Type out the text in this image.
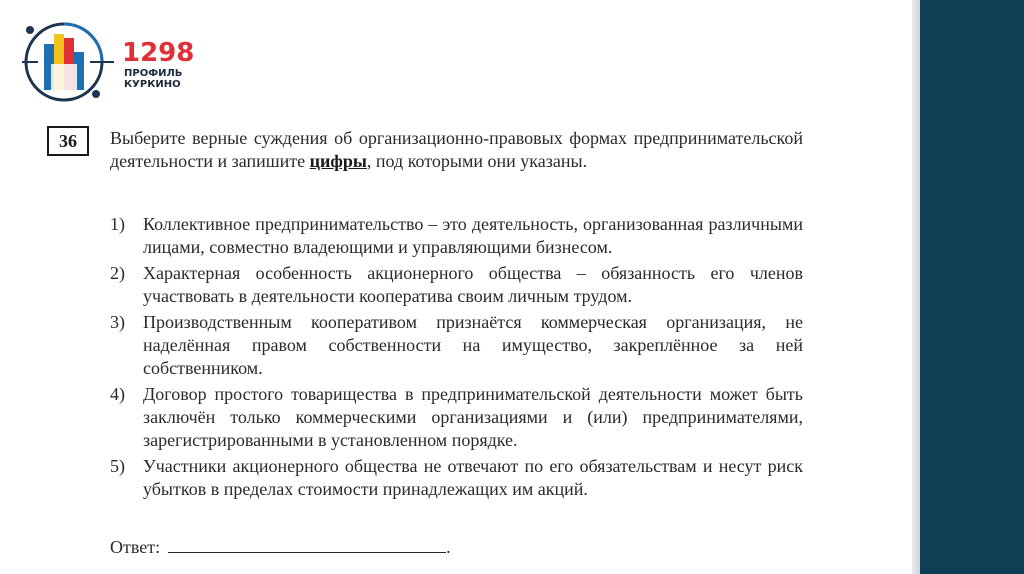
1298
ПРОФИЛЬ
КУРКИНО
36	Выберите верные суждения об организационно-правовых формах предпринимательской деятельности и запишите цифры, под которыми они указаны.
1)	Коллективное предпринимательство – это деятельность, организованная различными лицами, совместно владеющими и управляющими бизнесом.
2)	Характерная особенность акционерного общества – обязанность его членов участвовать в деятельности кооператива своим личным трудом.
3)	Производственным кооперативом признаётся коммерческая организация, не наделённая правом собственности на имущество, закреплённое за ней собственником.
4)	Договор простого товарищества в предпринимательской деятельности может быть заключён только коммерческими организациями и (или) предпринимателями, зарегистрированными в установленном порядке.
5)	Участники акционерного общества не отвечают по его обязательствам и несут риск убытков в пределах стоимости принадлежащих им акций.
Ответ:	.
